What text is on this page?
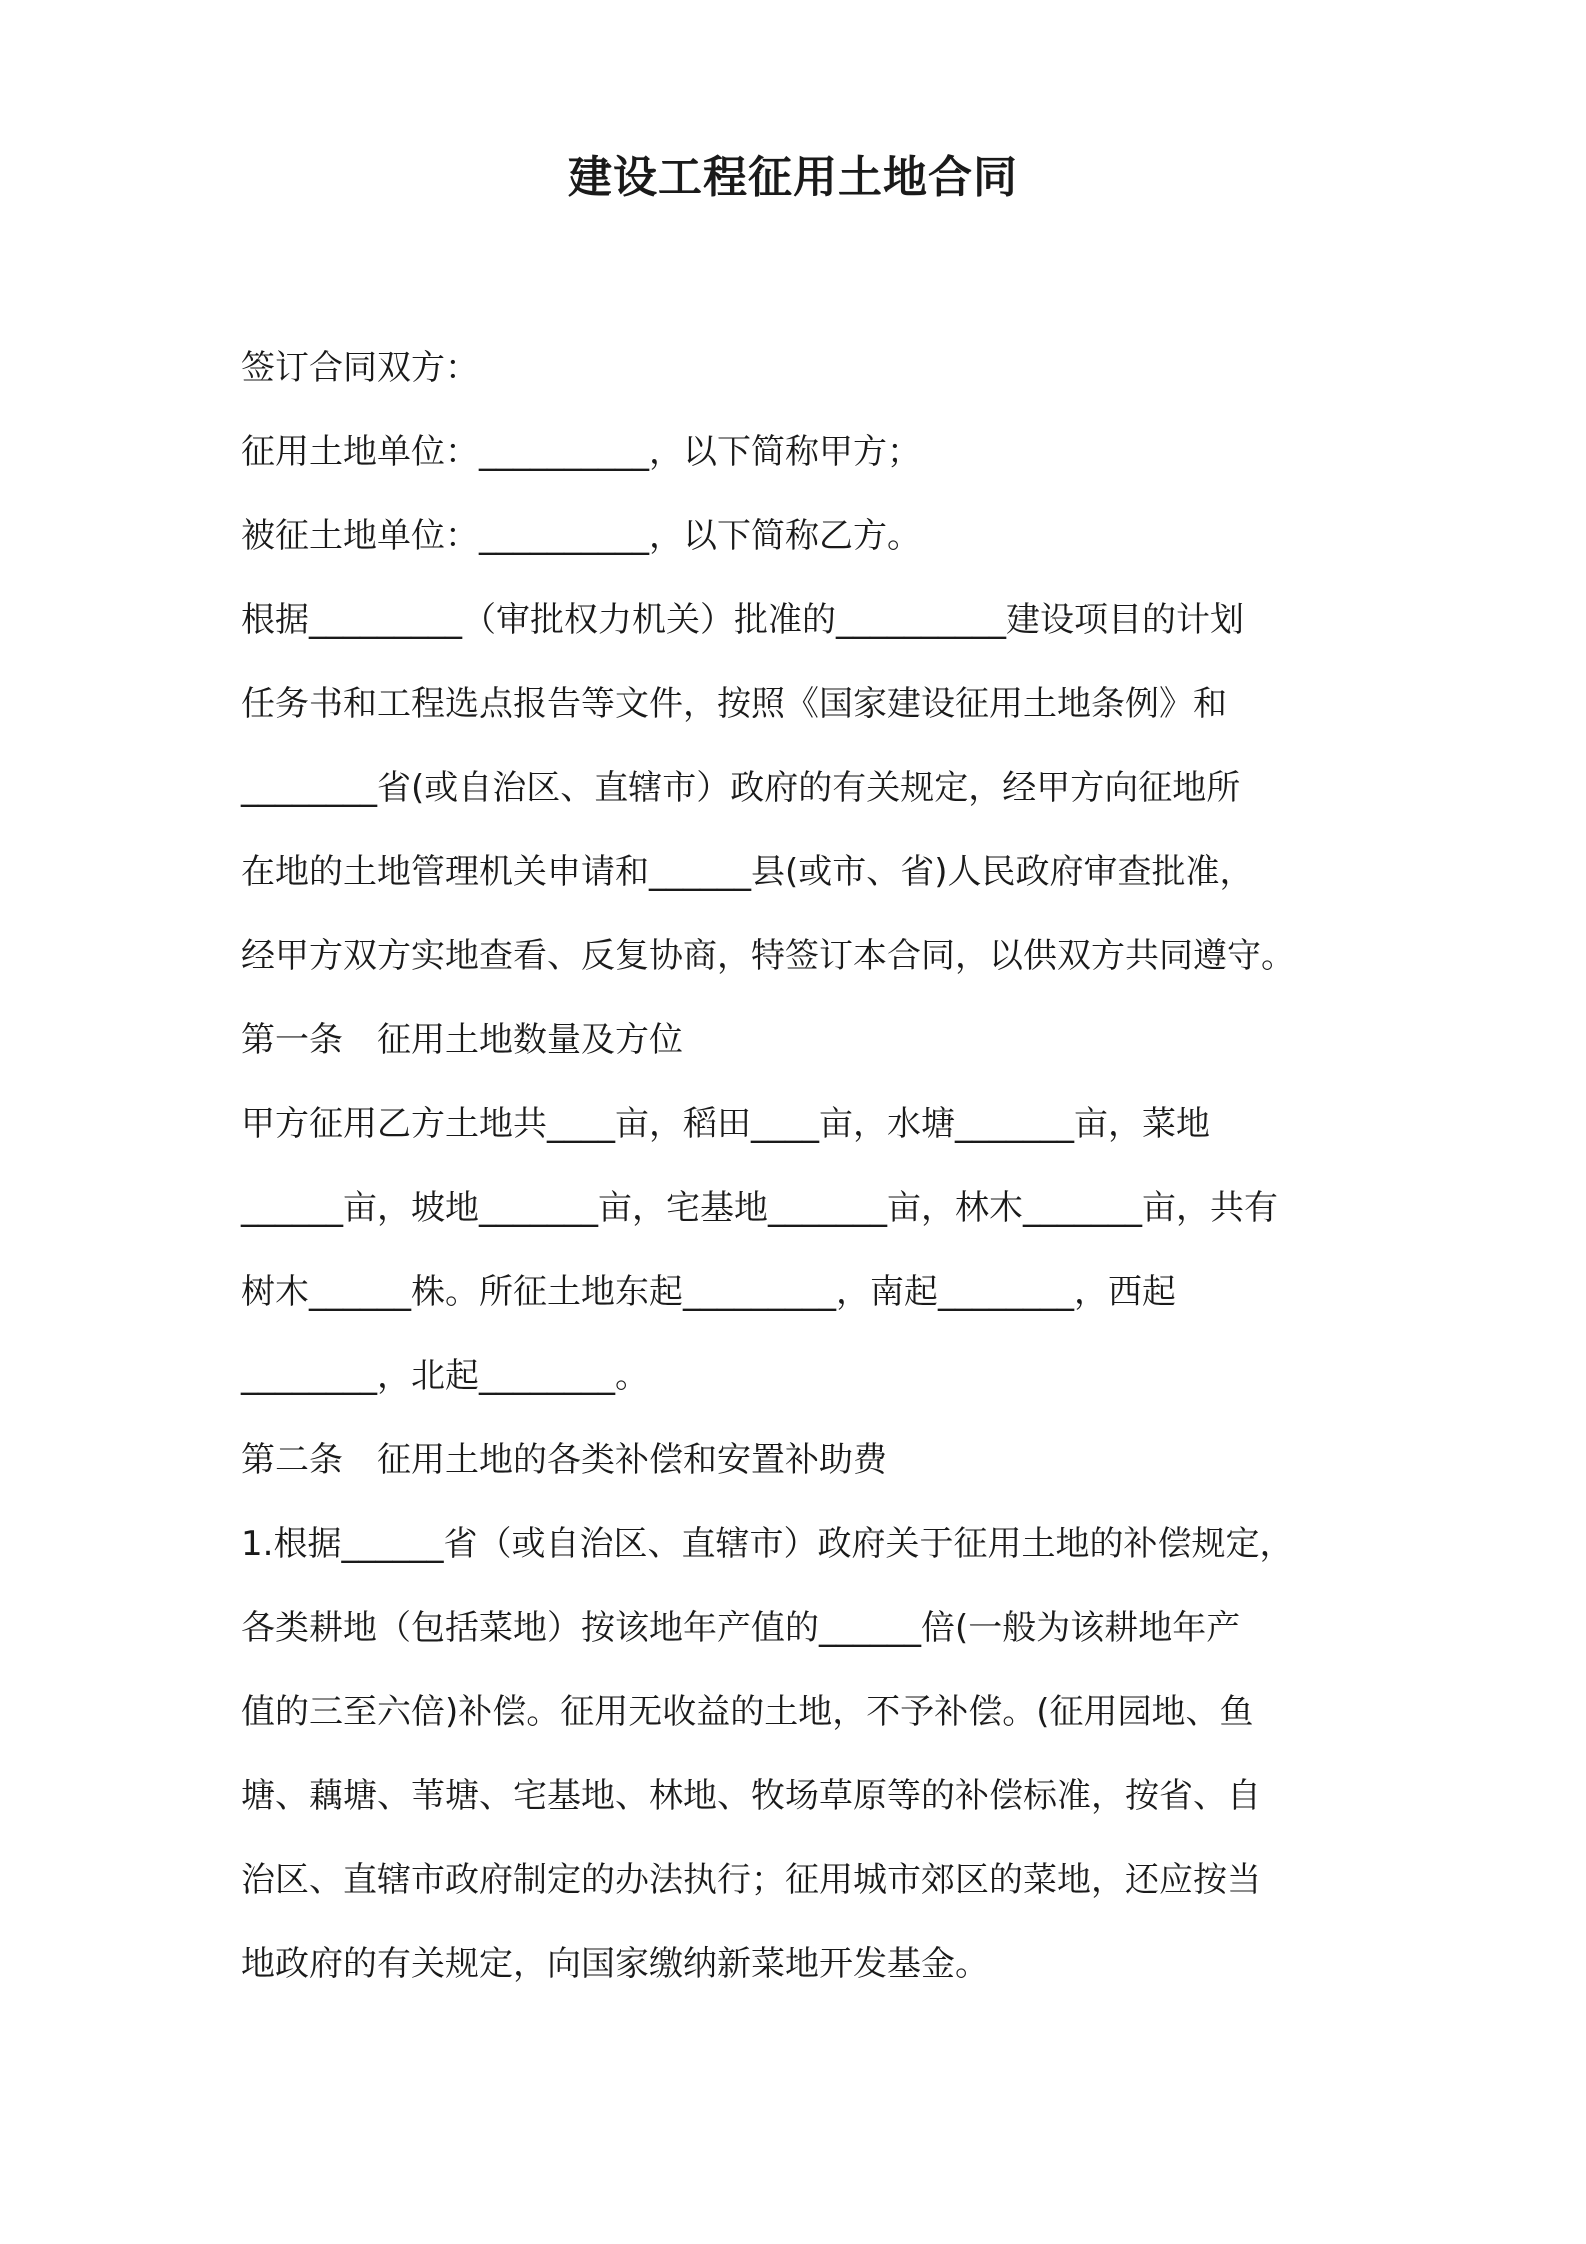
建设工程征用土地合同
签订合同双方：
征用土地单位：__________，以下简称甲方；
被征土地单位：__________，以下简称乙方。
根据_________（审批权力机关）批准的__________建设项目的计划
任务书和工程选点报告等文件，按照《国家建设征用土地条例》和
________省(或自治区、直辖市）政府的有关规定，经甲方向征地所
在地的土地管理机关申请和______县(或市、省)人民政府审查批准，
经甲方双方实地查看、反复协商，特签订本合同，以供双方共同遵守。
第一条　征用土地数量及方位
甲方征用乙方土地共____亩，稻田____亩，水塘_______亩，菜地
______亩，坡地_______亩，宅基地_______亩，林木_______亩，共有
树木______株。所征土地东起_________，南起________，西起
________，北起________。
第二条　征用土地的各类补偿和安置补助费
1.根据______省（或自治区、直辖市）政府关于征用土地的补偿规定，
各类耕地（包括菜地）按该地年产值的______倍(一般为该耕地年产
值的三至六倍)补偿。征用无收益的土地，不予补偿。(征用园地、鱼
塘、藕塘、苇塘、宅基地、林地、牧场草原等的补偿标准，按省、自
治区、直辖市政府制定的办法执行；征用城市郊区的菜地，还应按当
地政府的有关规定，向国家缴纳新菜地开发基金。
